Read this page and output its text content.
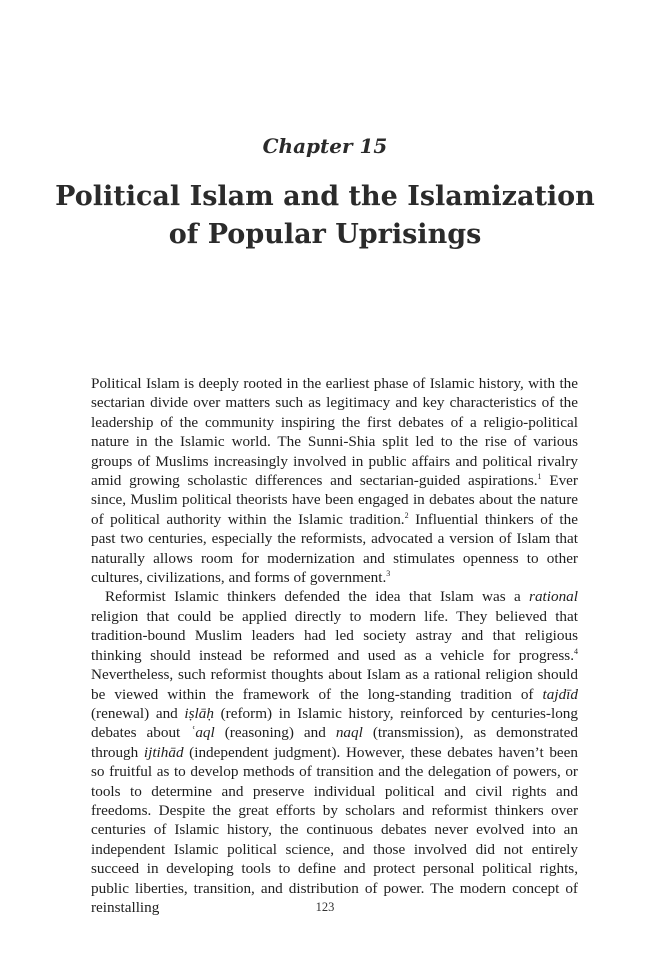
Chapter 15
Political Islam and the Islamization
of Popular Uprisings

Political Islam is deeply rooted in the earliest phase of Islamic history, with the sectarian divide over matters such as legitimacy and key characteristics of the leadership of the community inspiring the first debates of a religio-political nature in the Islamic world. The Sunni-Shia split led to the rise of various groups of Muslims increasingly involved in public affairs and political rivalry amid growing scholastic differences and sectarian-guided aspirations.$^1$ Ever since, Muslim political theorists have been engaged in debates about the nature of political authority within the Islamic tradition.$^2$ Influential thinkers of the past two centuries, especially the reformists, advocated a version of Islam that naturally allows room for modernization and stimulates openness to other cultures, civilizations, and forms of government.$^3$

Reformist Islamic thinkers defended the idea that Islam was a rational religion that could be applied directly to modern life. They believed that tradition-bound Muslim leaders had led society astray and that religious thinking should instead be reformed and used as a vehicle for progress.$^4$ Nevertheless, such reformist thoughts about Islam as a rational religion should be viewed within the framework of the long-standing tradition of tajdīd (renewal) and iṣlāḥ (reform) in Islamic history, reinforced by centuries-long debates about ʿaql (reasoning) and naql (transmission), as demonstrated through ijtihād (independent judgment). However, these debates haven’t been so fruitful as to develop methods of transition and the delegation of powers, or tools to determine and preserve individual political and civil rights and freedoms. Despite the great efforts by scholars and reformist thinkers over centuries of Islamic history, the continuous debates never evolved into an independent Islamic political science, and those involved did not entirely succeed in developing tools to define and protect personal political rights, public liberties, transition, and distribution of power. The modern concept of reinstalling	123
